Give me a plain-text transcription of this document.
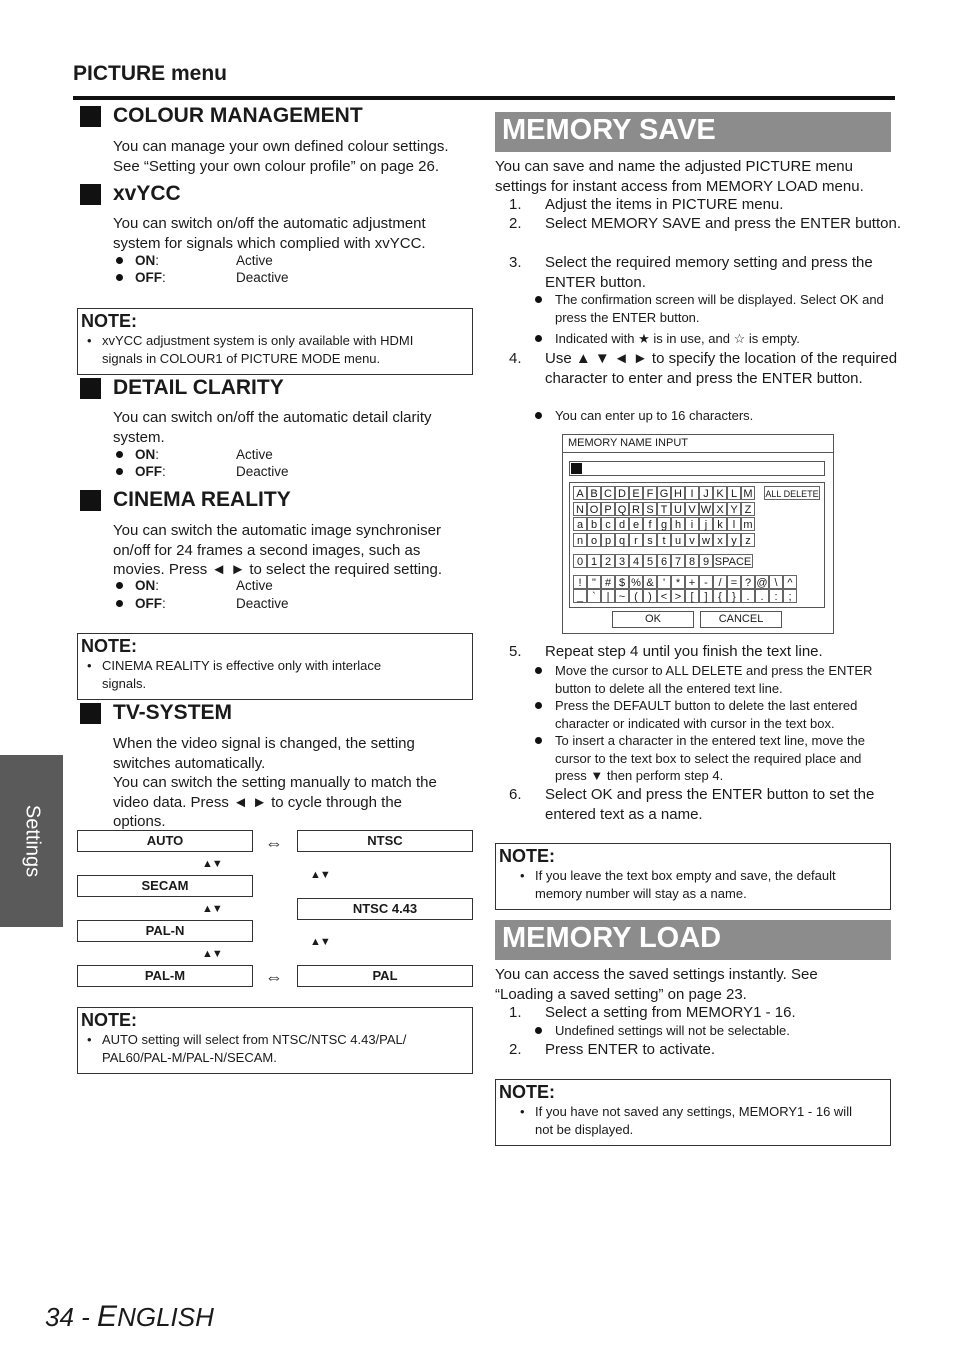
PICTURE menu
Settings
COLOUR MANAGEMENT
You can manage your own defined colour settings.
See “Setting your own colour profile” on page 26.
xvYCC
You can switch on/off the automatic adjustment
system for signals which complied with xvYCC.
ON:	Active
OFF:	Deactive
NOTE:
• xvYCC adjustment system is only available with HDMI
signals in COLOUR1 of PICTURE MODE menu.
DETAIL CLARITY
You can switch on/off the automatic detail clarity
system.
ON:	Active
OFF:	Deactive
CINEMA REALITY
You can switch the automatic image synchroniser
on/off for 24 frames a second images, such as
movies. Press ◄ ► to select the required setting.
ON:	Active
OFF:	Deactive
NOTE:
• CINEMA REALITY is effective only with interlace
signals.
TV-SYSTEM
When the video signal is changed, the setting
switches automatically.
You can switch the setting manually to match the
video data. Press ◄ ► to cycle through the
options.
AUTO	NTSC
SECAM
NTSC 4.43
PAL-N
PAL-M	PAL
⇔
⇔
▲▼
▲▼
▲▼
▲▼
▲▼
NOTE:
• AUTO setting will select from NTSC/NTSC 4.43/PAL/
PAL60/PAL-M/PAL-N/SECAM.
MEMORY SAVE
You can save and name the adjusted PICTURE menu
settings for instant access from MEMORY LOAD menu.
1. Adjust the items in PICTURE menu.
2. Select MEMORY SAVE and press the ENTER button.
3. Select the required memory setting and press the ENTER button.
The confirmation screen will be displayed. Select OK and press the ENTER button.
Indicated with ★ is in use, and ☆ is empty.
4. Use ▲ ▼ ◄ ► to specify the location of the required character to enter and press the ENTER button.
You can enter up to 16 characters.
MEMORY NAME INPUT
A B C D E F G H I J K L M
N O P Q R S T U V W X Y Z
a b c d e f g h i	j k l m
n o p q r s t u v w x y z
0 1 2 3 4 5 6 7 8 9 SPACE
! " # $ % & ' * + - / = ? @ \ ^
_ ` | ~ ( ) < > [ ] { } . . : ;
ALL DELETE
OK	CANCEL
5. Repeat step 4 until you finish the text line.
Move the cursor to ALL DELETE and press the ENTER button to delete all the entered text line.
Press the DEFAULT button to delete the last entered character or indicated with cursor in the text box.
To insert a character in the entered text line, move the cursor to the text box to select the required place and press ▼ then perform step 4.
6. Select OK and press the ENTER button to set the entered text as a name.
NOTE:
• If you leave the text box empty and save, the default
memory number will stay as a name.
MEMORY LOAD
You can access the saved settings instantly. See
“Loading a saved setting” on page 23.
1. Select a setting from MEMORY1 - 16.
Undefined settings will not be selectable.
2. Press ENTER to activate.
NOTE:
• If you have not saved any settings, MEMORY1 - 16 will
not be displayed.
34 - ENGLISH
